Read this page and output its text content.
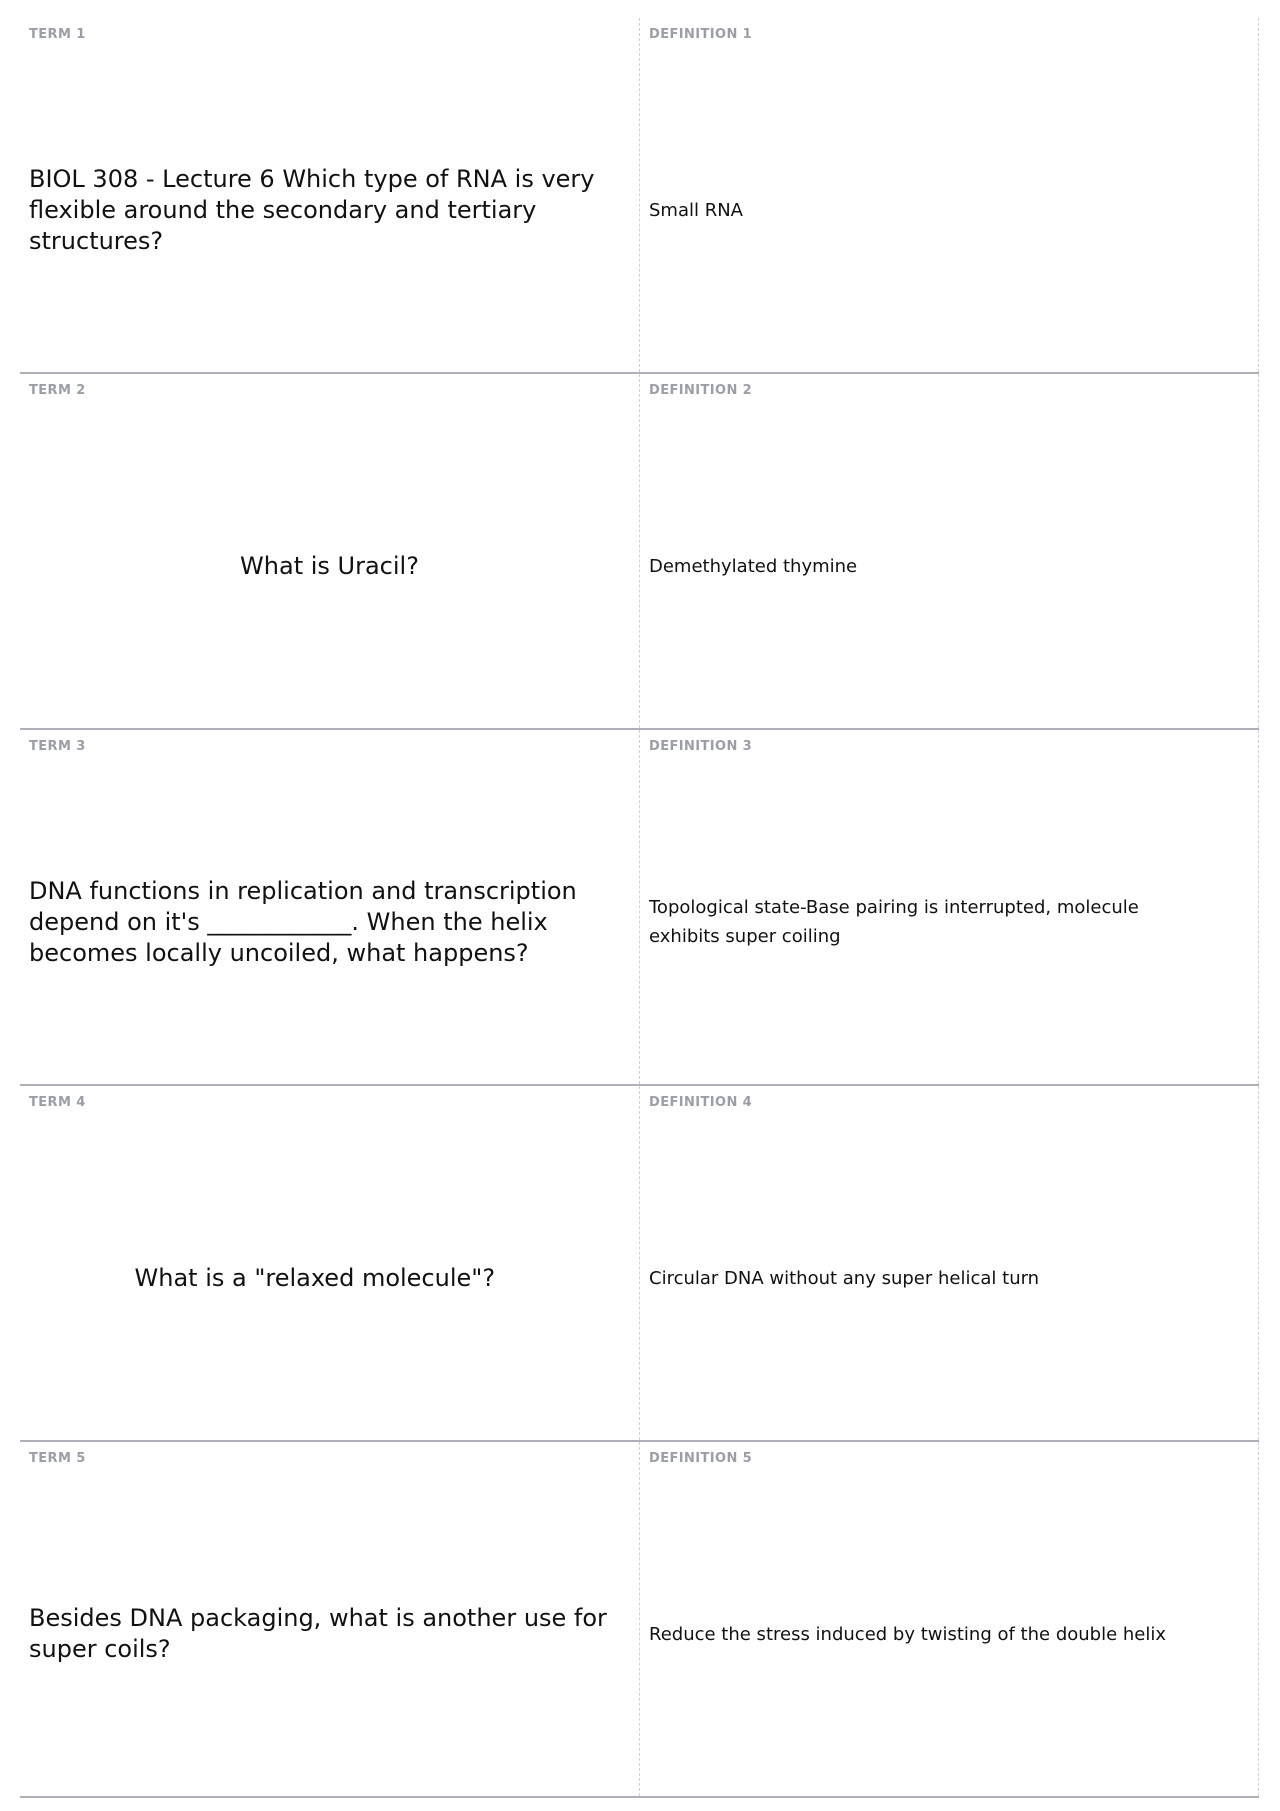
TERM 1
BIOL 308 - Lecture 6 Which type of RNA is very flexible around the secondary and tertiary structures?
DEFINITION 1
Small RNA
TERM 2
What is Uracil?
DEFINITION 2
Demethylated thymine
TERM 3
DNA functions in replication and transcription depend on it's ____________. When the helix becomes locally uncoiled, what happens?
DEFINITION 3
Topological state-Base pairing is interrupted, molecule exhibits super coiling
TERM 4
What is a "relaxed molecule"?
DEFINITION 4
Circular DNA without any super helical turn
TERM 5
Besides DNA packaging, what is another use for super coils?
DEFINITION 5
Reduce the stress induced by twisting of the double helix
